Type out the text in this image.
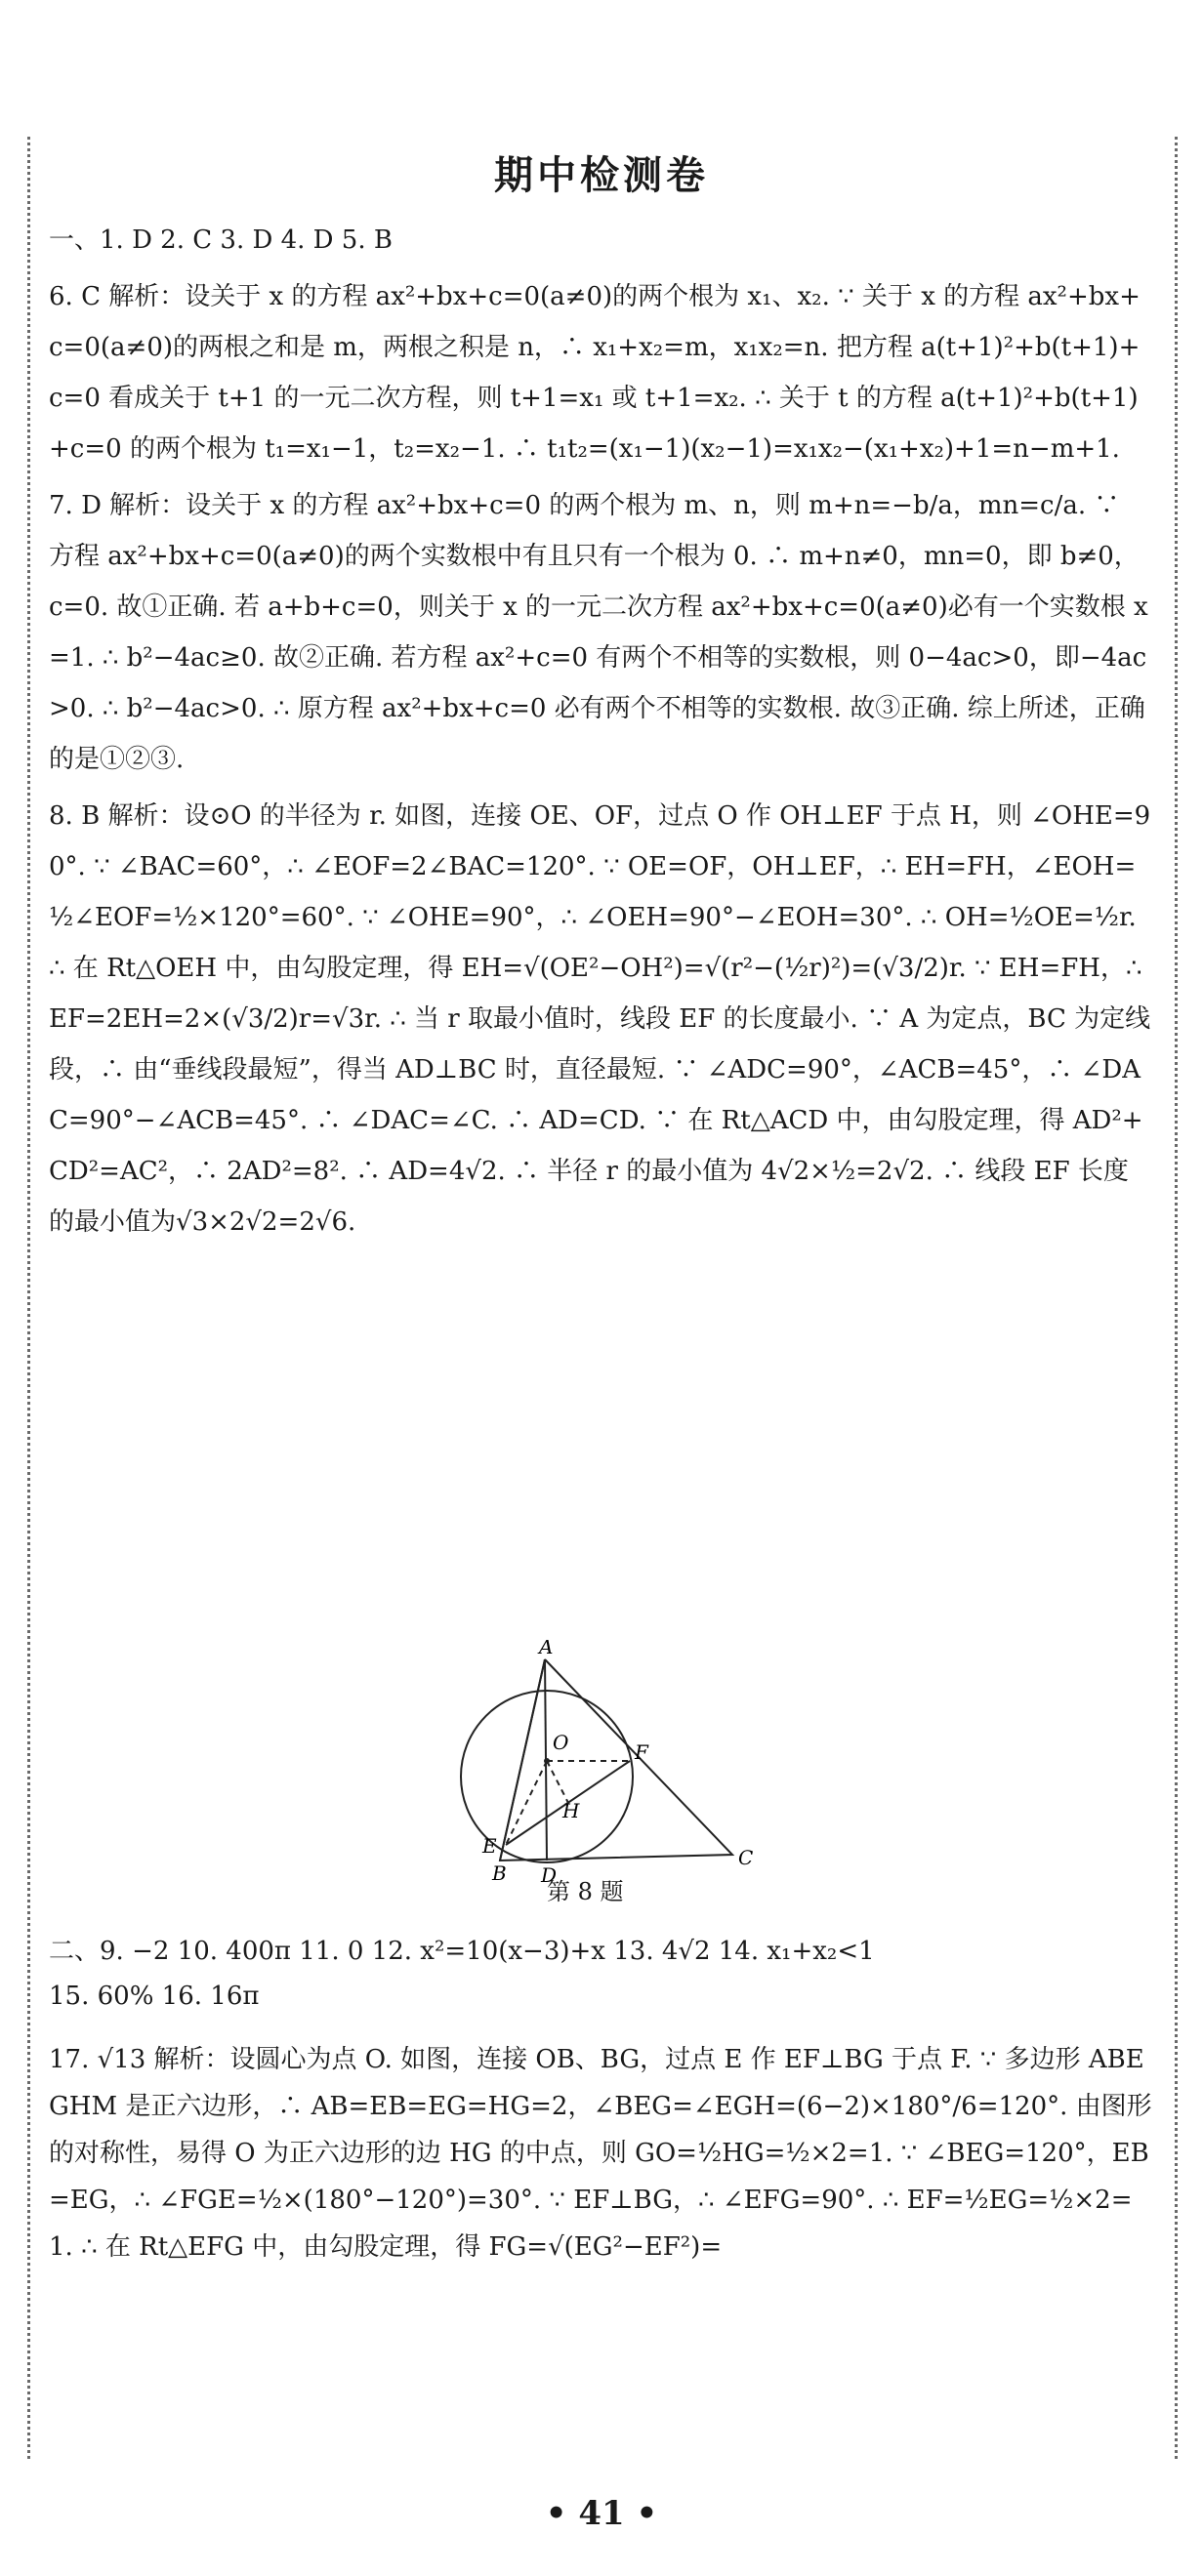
期中检测卷

一、1. D 2. C 3. D 4. D 5. B

6. C 解析：设关于 x 的方程 ax²+bx+c=0(a≠0)的两个根为 x₁、x₂. ∵ 关于 x 的方程 ax²+bx+c=0(a≠0)的两根之和是 m，两根之积是 n，∴ x₁+x₂=m，x₁x₂=n. 把方程 a(t+1)²+b(t+1)+c=0 看成关于 t+1 的一元二次方程，则 t+1=x₁ 或 t+1=x₂. ∴ 关于 t 的方程 a(t+1)²+b(t+1)+c=0 的两个根为 t₁=x₁−1，t₂=x₂−1. ∴ t₁t₂=(x₁−1)(x₂−1)=x₁x₂−(x₁+x₂)+1=n−m+1.

7. D 解析：设关于 x 的方程 ax²+bx+c=0 的两个根为 m、n，则 m+n=−b/a，mn=c/a. ∵ 方程 ax²+bx+c=0(a≠0)的两个实数根中有且只有一个根为 0. ∴ m+n≠0，mn=0，即 b≠0，c=0. 故①正确. 若 a+b+c=0，则关于 x 的一元二次方程 ax²+bx+c=0(a≠0)必有一个实数根 x=1. ∴ b²−4ac≥0. 故②正确. 若方程 ax²+c=0 有两个不相等的实数根，则 0−4ac>0，即−4ac>0. ∴ b²−4ac>0. ∴ 原方程 ax²+bx+c=0 必有两个不相等的实数根. 故③正确. 综上所述，正确的是①②③.

8. B 解析：设⊙O 的半径为 r. 如图，连接 OE、OF，过点 O 作 OH⊥EF 于点 H，则 ∠OHE=90°. ∵ ∠BAC=60°，∴ ∠EOF=2∠BAC=120°. ∵ OE=OF，OH⊥EF，∴ EH=FH，∠EOH=½∠EOF=½×120°=60°. ∵ ∠OHE=90°，∴ ∠OEH=90°−∠EOH=30°. ∴ OH=½OE=½r. ∴ 在 Rt△OEH 中，由勾股定理，得 EH=√(OE²−OH²)=√(r²−(½r)²)=(√3/2)r. ∵ EH=FH，∴ EF=2EH=2×(√3/2)r=√3r. ∴ 当 r 取最小值时，线段 EF 的长度最小. ∵ A 为定点，BC 为定线段，∴ 由“垂线段最短”，得当 AD⊥BC 时，直径最短. ∵ ∠ADC=90°，∠ACB=45°，∴ ∠DAC=90°−∠ACB=45°. ∴ ∠DAC=∠C. ∴ AD=CD. ∵ 在 Rt△ACD 中，由勾股定理，得 AD²+CD²=AC²，∴ 2AD²=8². ∴ AD=4√2. ∴ 半径 r 的最小值为 4√2×½=2√2. ∴ 线段 EF 长度的最小值为√3×2√2=2√6.

A
O	F
H
E
B D
C
第 8 题
二、9. −2 10. 400π 11. 0 12. x²=10(x−3)+x 13. 4√2 14. x₁+x₂<1
15. 60% 16. 16π

17. √13 解析：设圆心为点 O. 如图，连接 OB、BG，过点 E 作 EF⊥BG 于点 F. ∵ 多边形 ABEGHM 是正六边形，∴ AB=EB=EG=HG=2，∠BEG=∠EGH=(6−2)×180°/6=120°. 由图形的对称性，易得 O 为正六边形的边 HG 的中点，则 GO=½HG=½×2=1. ∵ ∠BEG=120°，EB=EG，∴ ∠FGE=½×(180°−120°)=30°. ∵ EF⊥BG，∴ ∠EFG=90°. ∴ EF=½EG=½×2=1. ∴ 在 Rt△EFG 中，由勾股定理，得 FG=√(EG²−EF²)=

• 41 •
